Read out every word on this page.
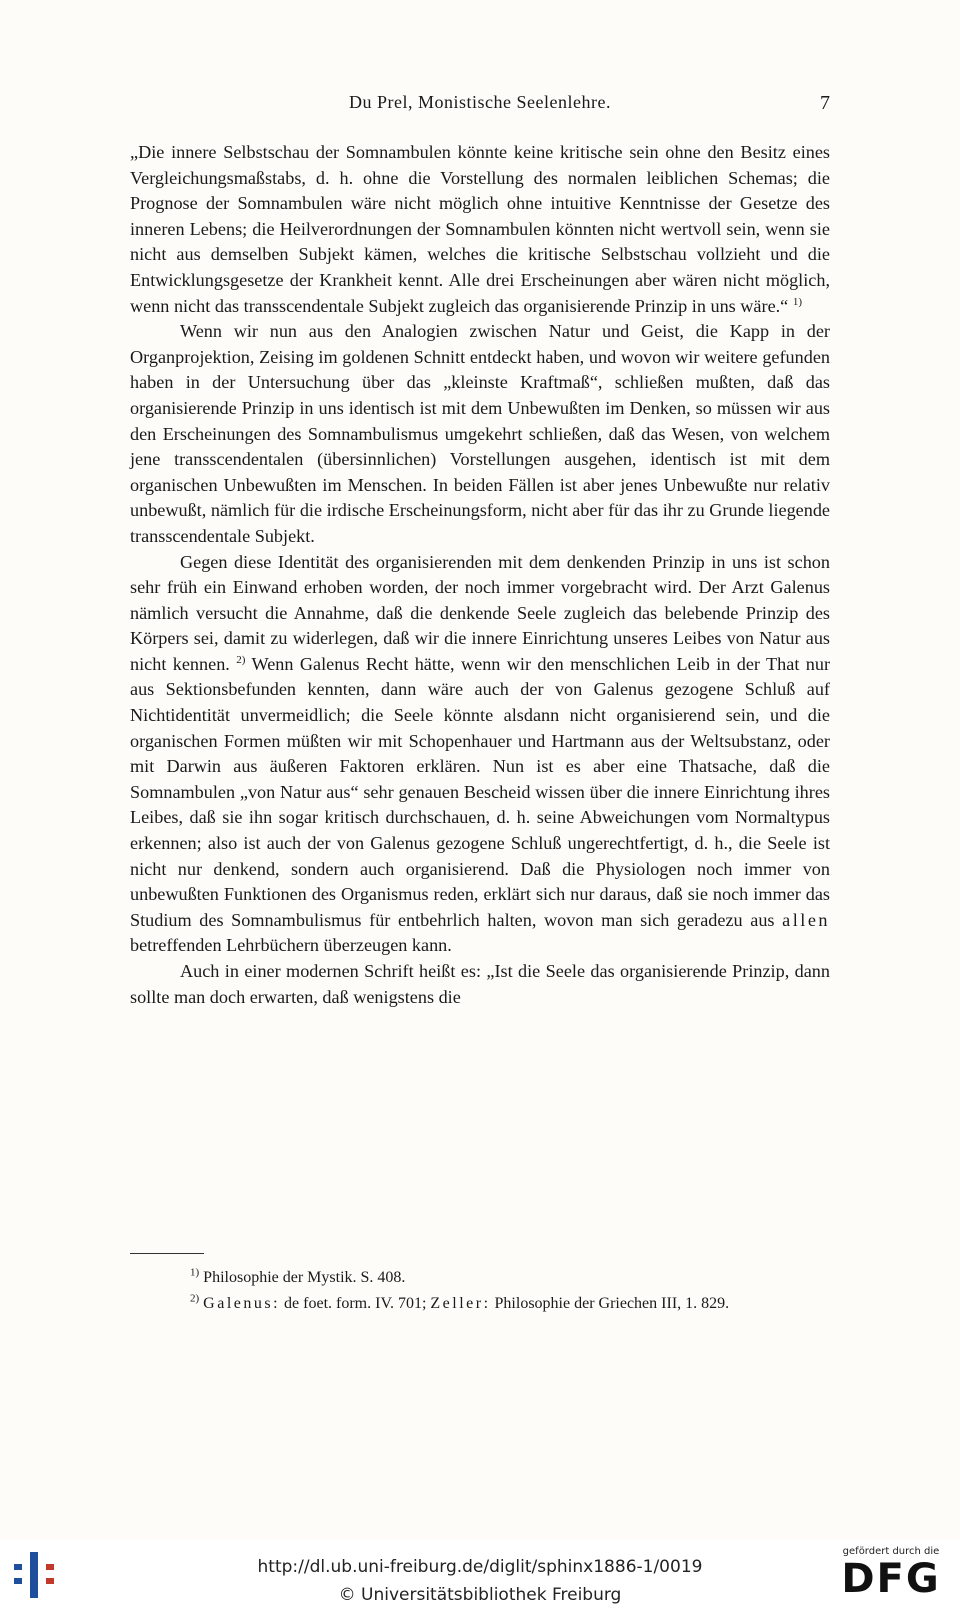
Du Prel, Monistische Seelenlehre.	7

„Die innere Selbstschau der Somnambulen könnte keine kritische sein ohne den Besitz eines Vergleichungsmaßstabs, d. h. ohne die Vorstellung des normalen leiblichen Schemas; die Prognose der Somnambulen wäre nicht möglich ohne intuitive Kenntnisse der Gesetze des inneren Lebens; die Heilverordnungen der Somnambulen könnten nicht wertvoll sein, wenn sie nicht aus demselben Subjekt kämen, welches die kritische Selbstschau vollzieht und die Entwicklungsgesetze der Krankheit kennt. Alle drei Erscheinungen aber wären nicht möglich, wenn nicht das transscendentale Subjekt zugleich das organisierende Prinzip in uns wäre.“ $^{1)}$

Wenn wir nun aus den Analogien zwischen Natur und Geist, die Kapp in der Organprojektion, Zeising im goldenen Schnitt entdeckt haben, und wovon wir weitere gefunden haben in der Untersuchung über das „kleinste Kraftmaß“, schließen mußten, daß das organisierende Prinzip in uns identisch ist mit dem Unbewußten im Denken, so müssen wir aus den Erscheinungen des Somnambulismus umgekehrt schließen, daß das Wesen, von welchem jene transscendentalen (übersinnlichen) Vorstellungen ausgehen, identisch ist mit dem organischen Unbewußten im Menschen. In beiden Fällen ist aber jenes Unbewußte nur relativ unbewußt, nämlich für die irdische Erscheinungsform, nicht aber für das ihr zu Grunde liegende transscendentale Subjekt.

Gegen diese Identität des organisierenden mit dem denkenden Prinzip in uns ist schon sehr früh ein Einwand erhoben worden, der noch immer vorgebracht wird. Der Arzt Galenus nämlich versucht die Annahme, daß die denkende Seele zugleich das belebende Prinzip des Körpers sei, damit zu widerlegen, daß wir die innere Einrichtung unseres Leibes von Natur aus nicht kennen. $^{2)}$ Wenn Galenus Recht hätte, wenn wir den menschlichen Leib in der That nur aus Sektionsbefunden kennten, dann wäre auch der von Galenus gezogene Schluß auf Nichtidentität unvermeidlich; die Seele könnte alsdann nicht organisierend sein, und die organischen Formen müßten wir mit Schopenhauer und Hartmann aus der Weltsubstanz, oder mit Darwin aus äußeren Faktoren erklären. Nun ist es aber eine Thatsache, daß die Somnambulen „von Natur aus“ sehr genauen Bescheid wissen über die innere Einrichtung ihres Leibes, daß sie ihn sogar kritisch durchschauen, d. h. seine Abweichungen vom Normaltypus erkennen; also ist auch der von Galenus gezogene Schluß ungerechtfertigt, d. h., die Seele ist nicht nur denkend, sondern auch organisierend. Daß die Physiologen noch immer von unbewußten Funktionen des Organismus reden, erklärt sich nur daraus, daß sie noch immer das Studium des Somnambulismus für entbehrlich halten, wovon man sich geradezu aus allen betreffenden Lehrbüchern überzeugen kann.

Auch in einer modernen Schrift heißt es: „Ist die Seele das organisierende Prinzip, dann sollte man doch erwarten, daß wenigstens die

$^{1)}$ Philosophie der Mystik. S. 408.
$^{2)}$ Galenus: de foet. form. IV. 701; Zeller: Philosophie der Griechen III, 1. 829.
http://dl.ub.uni-freiburg.de/diglit/sphinx1886-1/0019
© Universitätsbibliothek Freiburg
gefördert durch die
DFG
